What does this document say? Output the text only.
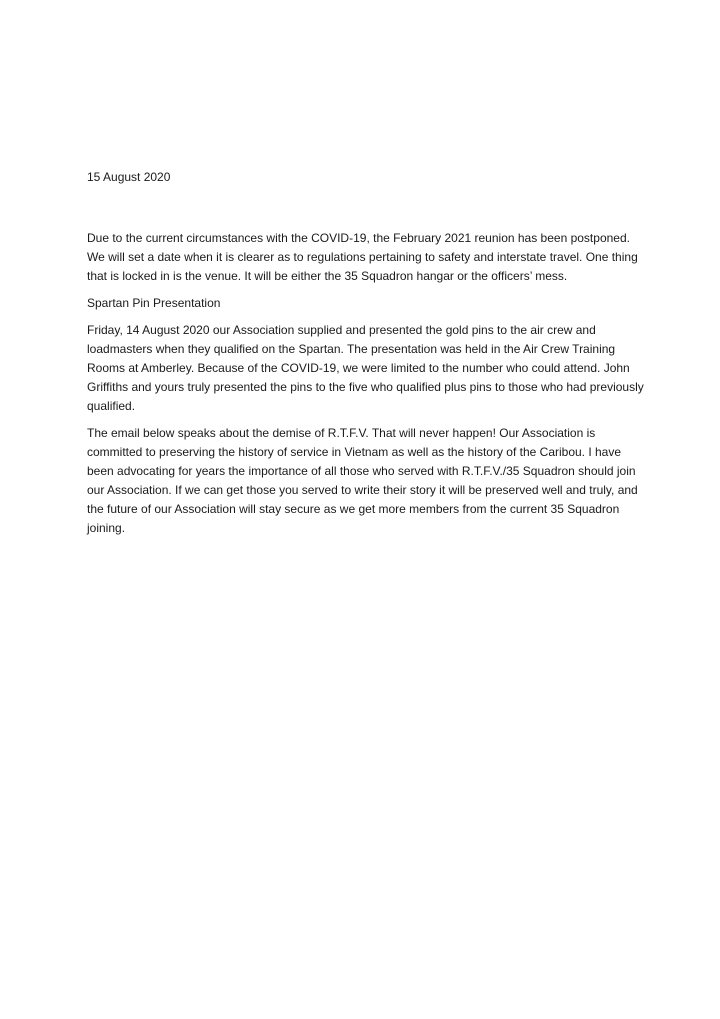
15 August 2020

Due to the current circumstances with the COVID-19, the February 2021 reunion has been postponed. We will set a date when it is clearer as to regulations pertaining to safety and interstate travel. One thing that is locked in is the venue. It will be either the 35 Squadron hangar or the officers’ mess.

Spartan Pin Presentation

Friday, 14 August 2020 our Association supplied and presented the gold pins to the air crew and loadmasters when they qualified on the Spartan. The presentation was held in the Air Crew Training Rooms at Amberley. Because of the COVID-19, we were limited to the number who could attend. John Griffiths and yours truly presented the pins to the five who qualified plus pins to those who had previously qualified.

The email below speaks about the demise of R.T.F.V. That will never happen! Our Association is committed to preserving the history of service in Vietnam as well as the history of the Caribou. I have been advocating for years the importance of all those who served with R.T.F.V./35 Squadron should join our Association. If we can get those you served to write their story it will be preserved well and truly, and the future of our Association will stay secure as we get more members from the current 35 Squadron joining.
